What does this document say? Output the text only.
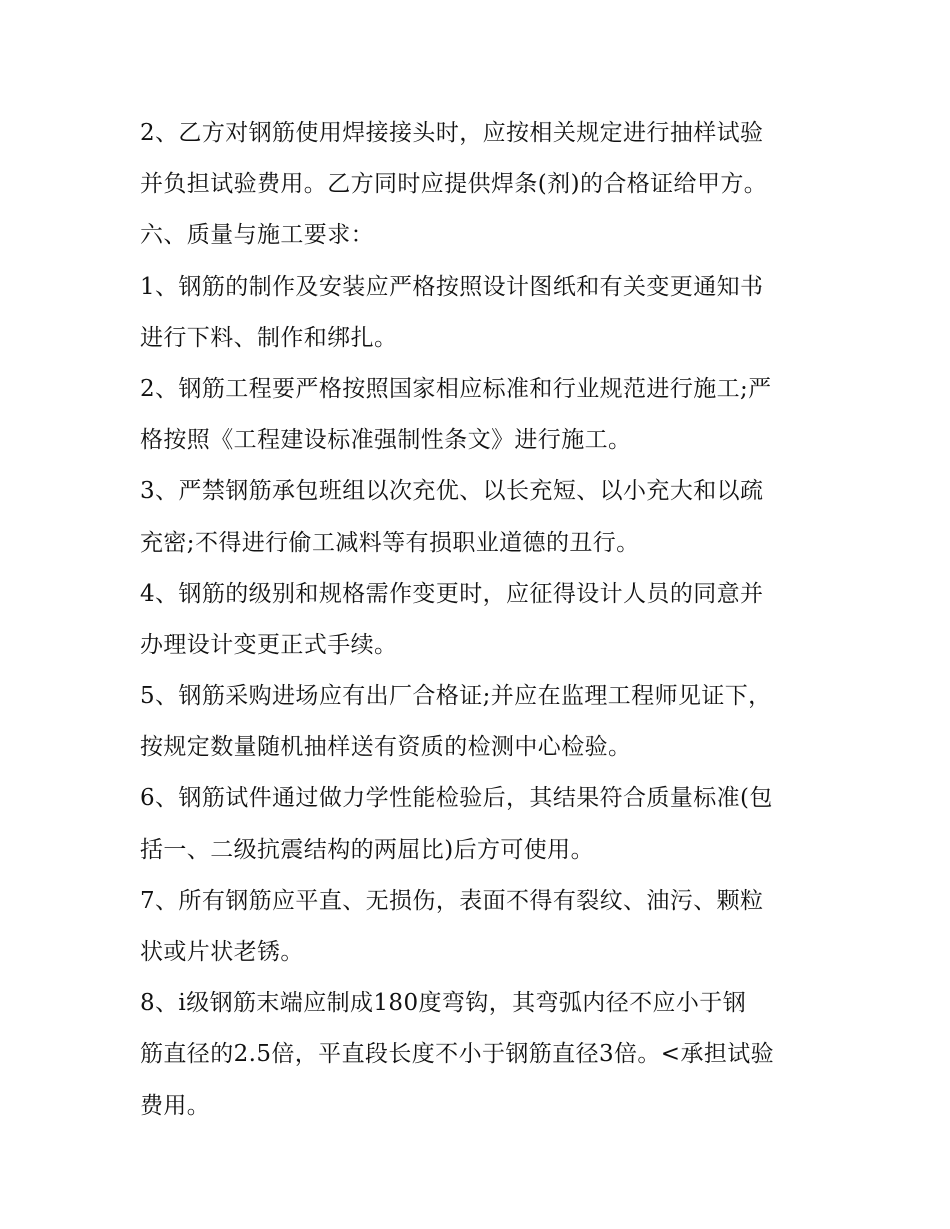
2、乙方对钢筋使用焊接接头时，应按相关规定进行抽样试验
并负担试验费用。乙方同时应提供焊条(剂)的合格证给甲方。
六、质量与施工要求：
1、钢筋的制作及安装应严格按照设计图纸和有关变更通知书
进行下料、制作和绑扎。
2、钢筋工程要严格按照国家相应标准和行业规范进行施工;严
格按照《工程建设标准强制性条文》进行施工。
3、严禁钢筋承包班组以次充优、以长充短、以小充大和以疏
充密;不得进行偷工减料等有损职业道德的丑行。
4、钢筋的级别和规格需作变更时，应征得设计人员的同意并
办理设计变更正式手续。
5、钢筋采购进场应有出厂合格证;并应在监理工程师见证下，
按规定数量随机抽样送有资质的检测中心检验。
6、钢筋试件通过做力学性能检验后，其结果符合质量标准(包
括一、二级抗震结构的两屈比)后方可使用。
7、所有钢筋应平直、无损伤，表面不得有裂纹、油污、颗粒
状或片状老锈。
8、ⅰ级钢筋末端应制成180度弯钩，其弯弧内径不应小于钢
筋直径的2.5倍，平直段长度不小于钢筋直径3倍。<承担试验
费用。
